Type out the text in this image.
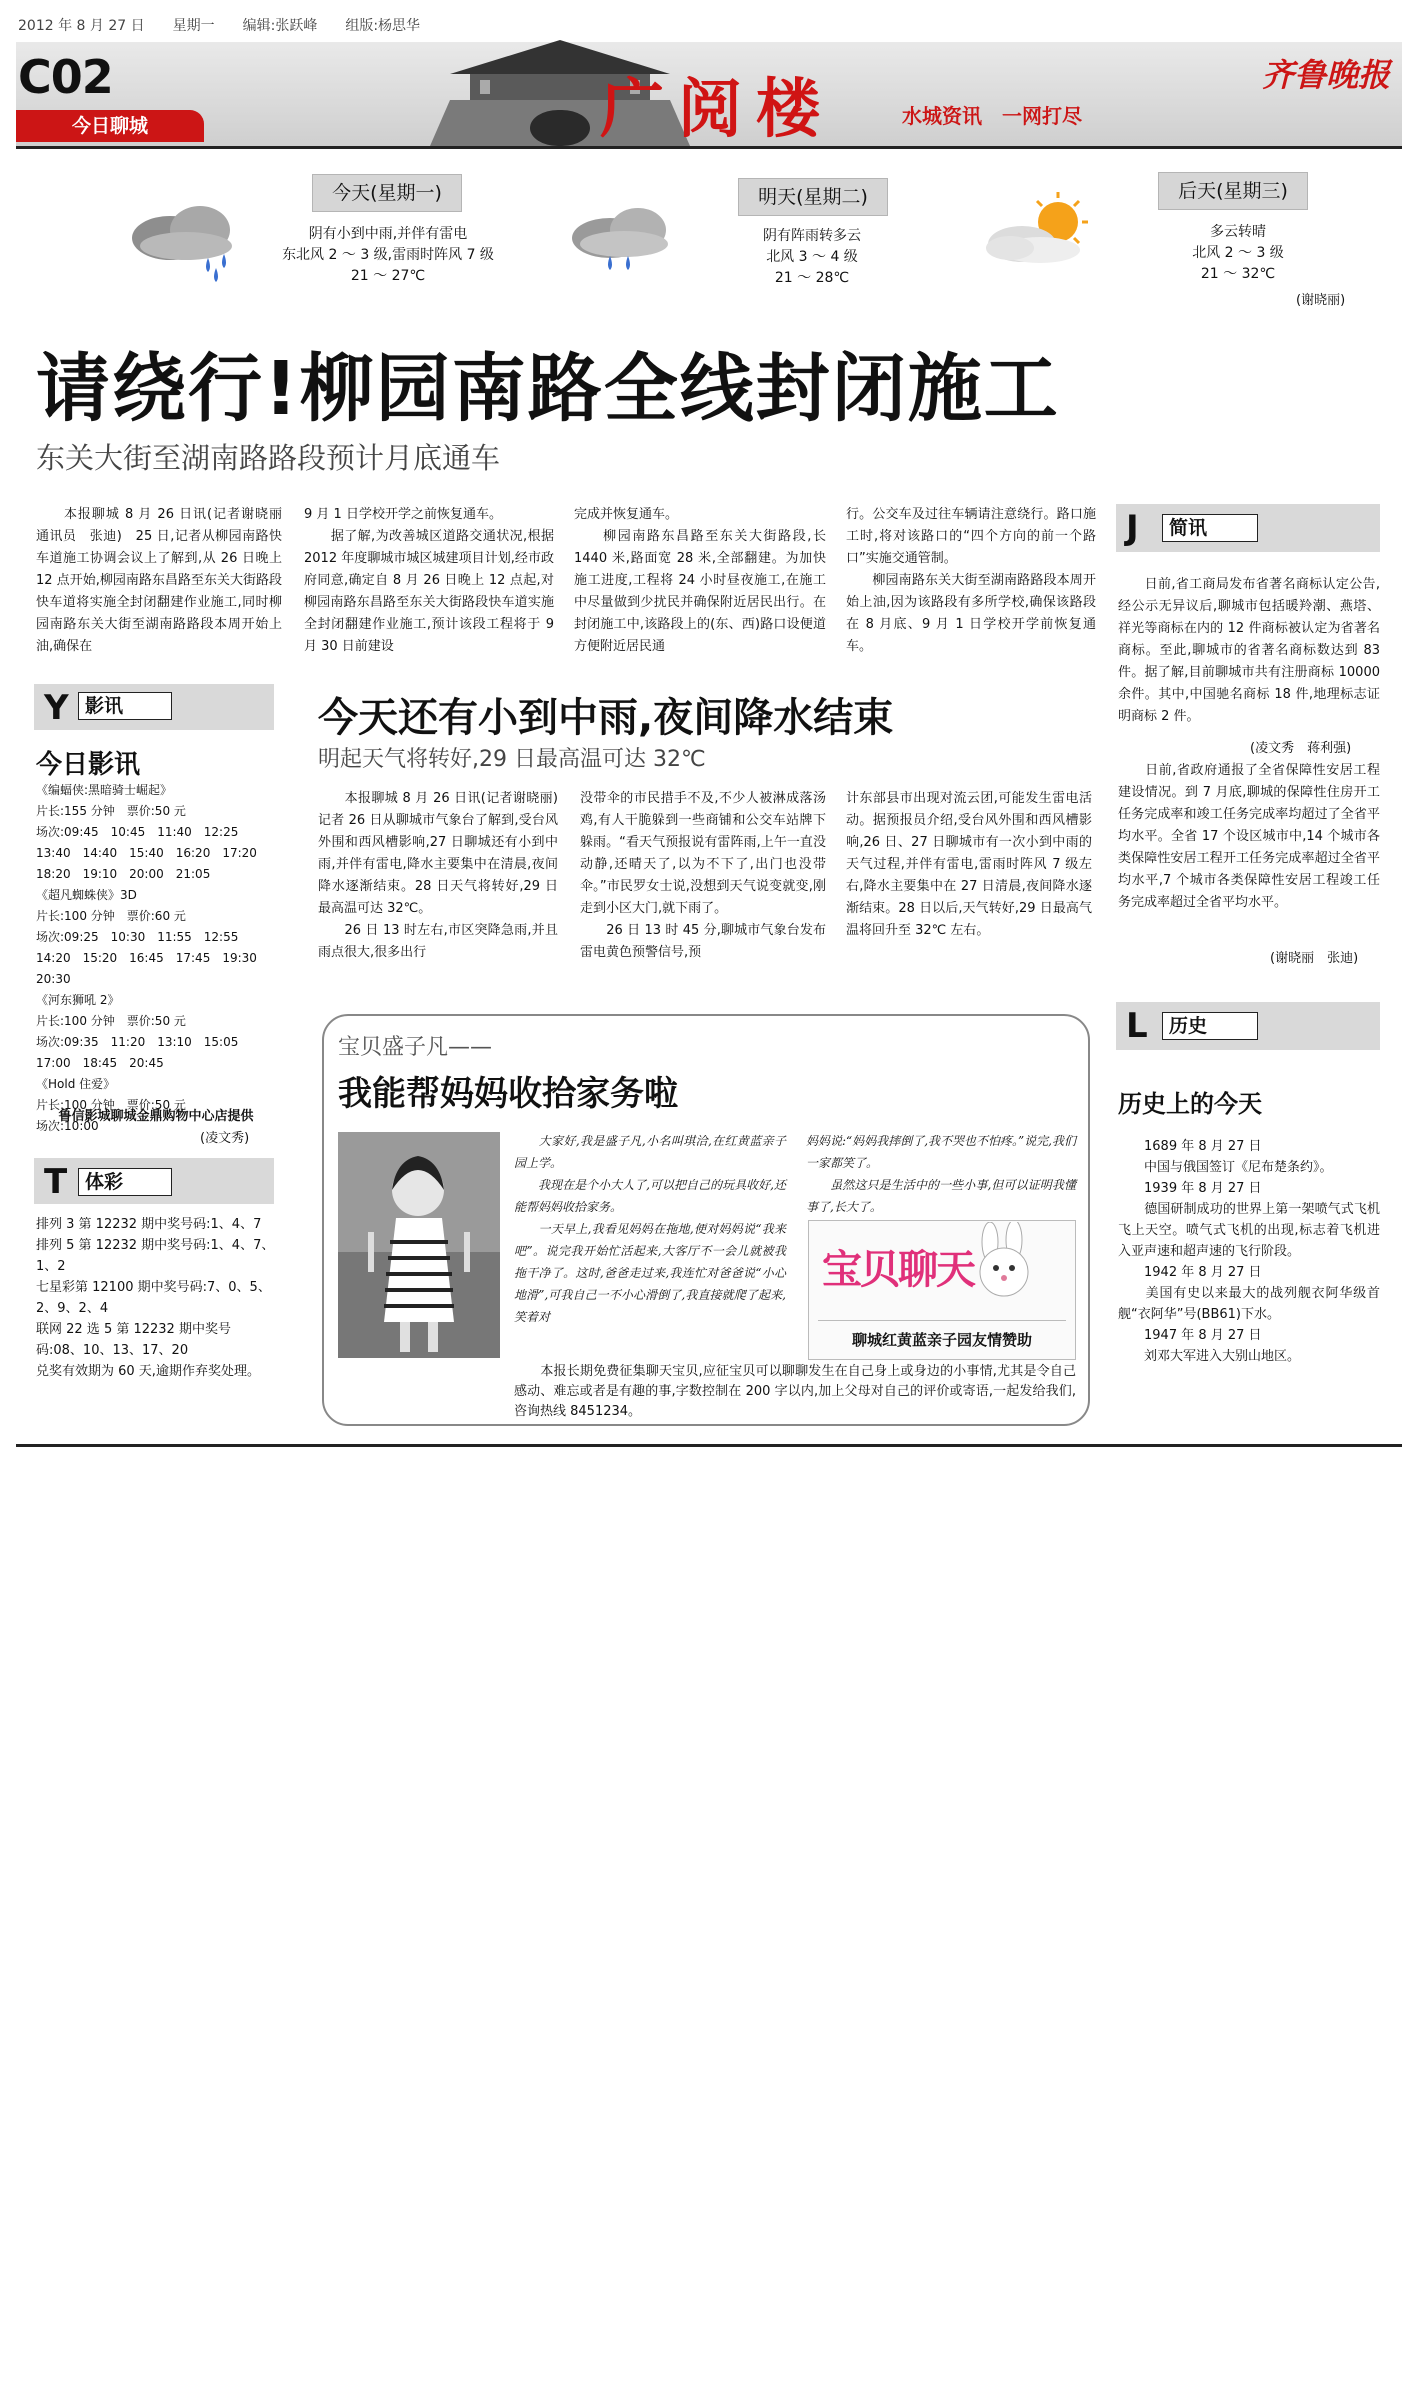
2012 年 8 月 27 日　　星期一　　编辑:张跃峰　　组版:杨思华
C02
今日聊城	广阅楼	水城资讯　一网打尽
齐鲁晚报
今天(星期一)
阴有小到中雨,并伴有雷电
东北风 2 ～ 3 级,雷雨时阵风 7 级
21 ～ 27℃
明天(星期二)
阴有阵雨转多云
北风 3 ～ 4 级
21 ～ 28℃
后天(星期三)
多云转晴
北风 2 ～ 3 级
21 ～ 32℃
(谢晓丽)
请绕行!柳园南路全线封闭施工
东关大街至湖南路路段预计月底通车
　　本报聊城 8 月 26 日讯(记者谢晓丽　通讯员　张迪)　25 日,记者从柳园南路快车道施工协调会议上了解到,从 26 日晚上 12 点开始,柳园南路东昌路至东关大街路段快车道将实施全封闭翻建作业施工,同时柳园南路东关大街至湖南路路段本周开始上油,确保在
9 月 1 日学校开学之前恢复通车。
　　据了解,为改善城区道路交通状况,根据 2012 年度聊城市城区城建项目计划,经市政府同意,确定自 8 月 26 日晚上 12 点起,对柳园南路东昌路至东关大街路段快车道实施全封闭翻建作业施工,预计该段工程将于 9 月 30 日前建设
完成并恢复通车。
　　柳园南路东昌路至东关大街路段,长 1440 米,路面宽 28 米,全部翻建。为加快施工进度,工程将 24 小时昼夜施工,在施工中尽量做到少扰民并确保附近居民出行。在封闭施工中,该路段上的(东、西)路口设便道方便附近居民通
行。公交车及过往车辆请注意绕行。路口施工时,将对该路口的“四个方向的前一个路口”实施交通管制。
　　柳园南路东关大街至湖南路路段本周开始上油,因为该路段有多所学校,确保该路段在 8 月底、9 月 1 日学校开学前恢复通车。
Y 影讯
今日影讯
《编蝠侠:黑暗骑士崛起》
片长:155 分钟　票价:50 元
场次:09:45　10:45　11:40　12:25　13:40　14:40　15:40　16:20　17:20　18:20　19:10　20:00　21:05
《超凡蜘蛛侠》3D
片长:100 分钟　票价:60 元
场次:09:25　10:30　11:55　12:55　14:20　15:20　16:45　17:45　19:30　20:30
《河东狮吼 2》
片长:100 分钟　票价:50 元
场次:09:35　11:20　13:10　15:05　17:00　18:45　20:45
《Hold 住爱》
片长:100 分钟　票价:50 元
场次:10:00
鲁信影城聊城金鼎购物中心店提供
(凌文秀)
T 体彩
排列 3 第 12232 期中奖号码:1、4、7
排列 5 第 12232 期中奖号码:1、4、7、1、2
七星彩第 12100 期中奖号码:7、0、5、2、9、2、4
联网 22 选 5 第 12232 期中奖号码:08、10、13、17、20
兑奖有效期为 60 天,逾期作弃奖处理。
今天还有小到中雨,夜间降水结束
明起天气将转好,29 日最高温可达 32℃
　　本报聊城 8 月 26 日讯(记者谢晓丽)　记者 26 日从聊城市气象台了解到,受台风外围和西风槽影响,27 日聊城还有小到中雨,并伴有雷电,降水主要集中在清晨,夜间降水逐渐结束。28 日天气将转好,29 日最高温可达 32℃。
　　26 日 13 时左右,市区突降急雨,并且雨点很大,很多出行
没带伞的市民措手不及,不少人被淋成落汤鸡,有人干脆躲到一些商铺和公交车站牌下躲雨。“看天气预报说有雷阵雨,上午一直没动静,还晴天了,以为不下了,出门也没带伞。”市民罗女士说,没想到天气说变就变,刚走到小区大门,就下雨了。
　　26 日 13 时 45 分,聊城市气象台发布雷电黄色预警信号,预
计东部县市出现对流云团,可能发生雷电活动。据预报员介绍,受台风外围和西风槽影响,26 日、27 日聊城市有一次小到中雨的天气过程,并伴有雷电,雷雨时阵风 7 级左右,降水主要集中在 27 日清晨,夜间降水逐渐结束。28 日以后,天气转好,29 日最高气温将回升至 32℃ 左右。
宝贝盛子凡——
我能帮妈妈收拾家务啦
　　大家好,我是盛子凡,小名叫琪洽,在红黄蓝亲子园上学。
　　我现在是个小大人了,可以把自己的玩具收好,还能帮妈妈收拾家务。
　　一天早上,我看见妈妈在拖地,便对妈妈说“我来吧”。说完我开始忙活起来,大客厅不一会儿就被我拖干净了。这时,爸爸走过来,我连忙对爸爸说“小心地滑”,可我自己一不小心滑倒了,我直接就爬了起来,笑着对
妈妈说:“妈妈我摔倒了,我不哭也不怕疼。”说完,我们一家都笑了。
　　虽然这只是生活中的一些小事,但可以证明我懂事了,长大了。
宝贝聊天
聊城红黄蓝亲子园友情赞助
　　本报长期免费征集聊天宝贝,应征宝贝可以聊聊发生在自己身上或身边的小事情,尤其是令自己感动、难忘或者是有趣的事,字数控制在 200 字以内,加上父母对自己的评价或寄语,一起发给我们,咨询热线 8451234。
J	简讯
　　日前,省工商局发布省著名商标认定公告,经公示无异议后,聊城市包括暖羚潮、燕塔、祥光等商标在内的 12 件商标被认定为省著名商标。至此,聊城市的省著名商标数达到 83 件。据了解,目前聊城市共有注册商标 10000 余件。其中,中国驰名商标 18 件,地理标志证明商标 2 件。
(凌文秀　蒋利强)
　　日前,省政府通报了全省保障性安居工程建设情况。到 7 月底,聊城的保障性住房开工任务完成率和竣工任务完成率均超过了全省平均水平。全省 17 个设区城市中,14 个城市各类保障性安居工程开工任务完成率超过全省平均水平,7 个城市各类保障性安居工程竣工任务完成率超过全省平均水平。
(谢晓丽　张迪)
L	历史
历史上的今天
　　1689 年 8 月 27 日
　　中国与俄国签订《尼布楚条约》。
　　1939 年 8 月 27 日
　　德国研制成功的世界上第一架喷气式飞机飞上天空。喷气式飞机的出现,标志着飞机进入亚声速和超声速的飞行阶段。
　　1942 年 8 月 27 日
　　美国有史以来最大的战列舰衣阿华级首舰“衣阿华”号(BB61)下水。
　　1947 年 8 月 27 日
　　刘邓大军进入大别山地区。
